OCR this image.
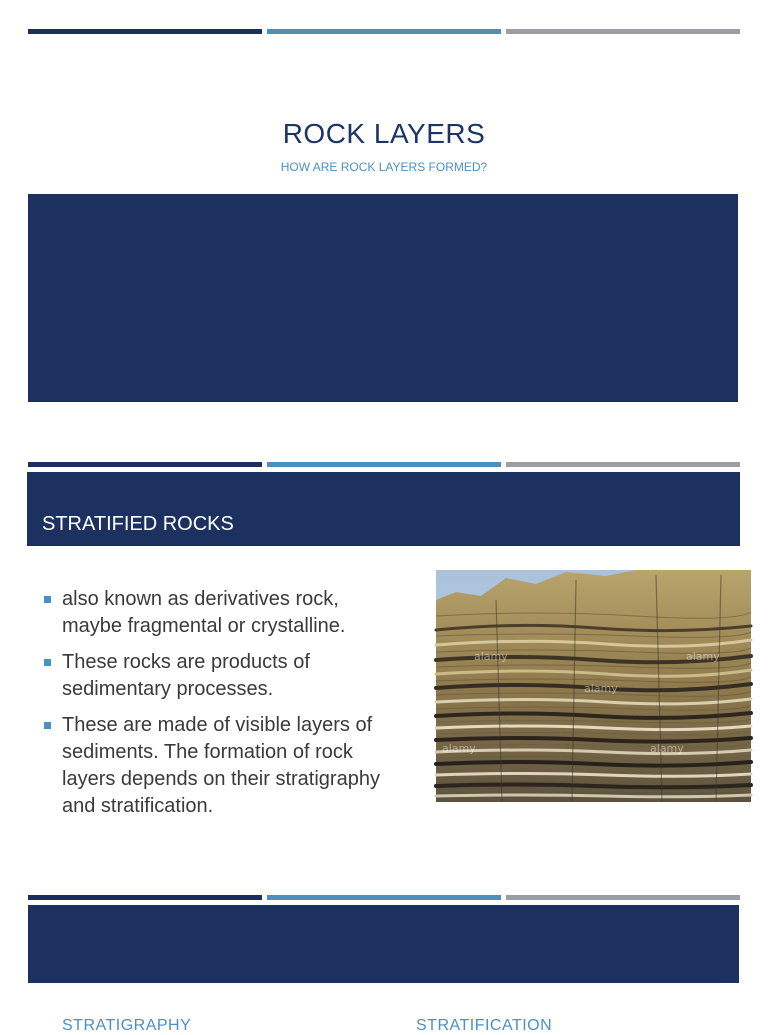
ROCK LAYERS
HOW ARE ROCK LAYERS FORMED?
STRATIFIED ROCKS
also known as derivatives rock, maybe fragmental or crystalline.
These rocks are products of sedimentary processes.
These are made of visible layers of sediments. The formation of rock layers depends on their stratigraphy and stratification.
alamy
alamy
alamy
alamy	alamy
STRATIGRAPHY	STRATIFICATION
